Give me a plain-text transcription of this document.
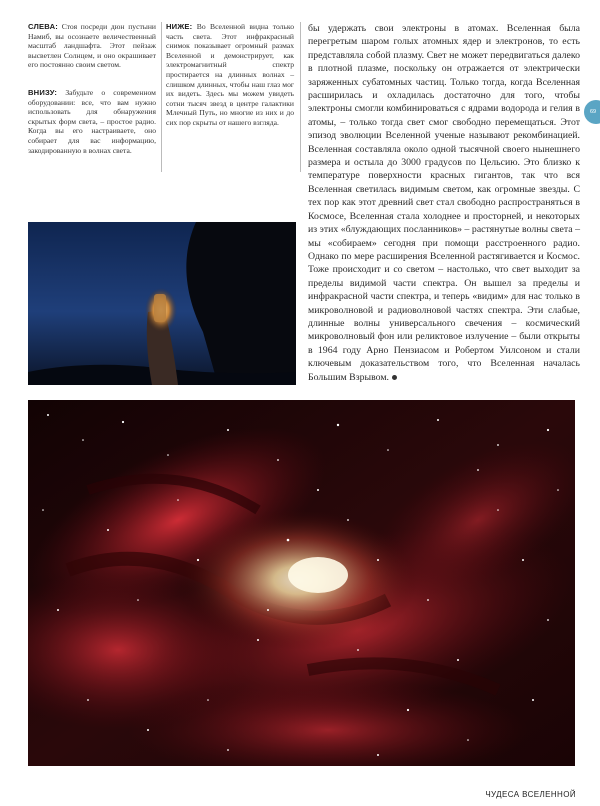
СЛЕВА: Стоя посреди дюн пустыни Намиб, вы осознаете величественный масштаб ландшафта. Этот пейзаж высветлен Солнцем, и оно окрашивает его постоянно своим светом.
ВНИЗУ: Забудьте о современном оборудовании: все, что вам нужно использовать для обнаружения скрытых форм света, – простое радио. Когда вы его настраиваете, оно собирает для вас информацию, закодированную в волнах света.
НИЖЕ: Во Вселенной видна только часть света. Этот инфракрасный снимок показывает огромный размах Вселенной и демонстрирует, как электромагнитный спектр простирается на длинных волнах – слишком длинных, чтобы наш глаз мог их видеть. Здесь мы можем увидеть сотни тысяч звезд в центре галактики Млечный Путь, но многие из них и до сих пор скрыты от нашего взгляда.
бы удержать свои электроны в атомах. Вселенная была перегретым шаром голых атомных ядер и электронов, то есть представляла собой плазму. Свет не может передвигаться далеко в плотной плазме, поскольку он отражается от электрически заряженных субатомных частиц. Только тогда, когда Вселенная расширилась и охладилась достаточно для того, чтобы электроны смогли комбинироваться с ядрами водорода и гелия в атомы, – только тогда свет смог свободно перемещаться. Этот эпизод эволюции Вселенной ученые называют рекомбинацией. Вселенная составляла около одной тысячной своего нынешнего размера и остыла до 3000 градусов по Цельсию. Это близко к температуре поверхности красных гигантов, так что вся Вселенная светилась видимым светом, как огромные звезды. С тех пор как этот древний свет стал свободно распространяться в Космосе, Вселенная стала холоднее и просторней, и некоторых из этих «блуждающих посланников» – растянутые волны света – мы «собираем» сегодня при помощи расстроенного радио. Однако по мере расширения Вселенной растягивается и Космос. Тоже происходит и со светом – настолько, что свет выходит за пределы видимой части спектра. Он вышел за пределы и инфракрасной части спектра, и теперь «видим» для нас только в микроволновой и радиоволновой частях спектра. Эти слабые, длинные волны универсального свечения – космический микроволновый фон или реликтовое излучение – были открыты в 1964 году Арно Пензиасом и Робертом Уилсоном и стали ключевым доказательством того, что Вселенная началась Большим Взрывом.
69
ЧУДЕСА ВСЕЛЕННОЙ
